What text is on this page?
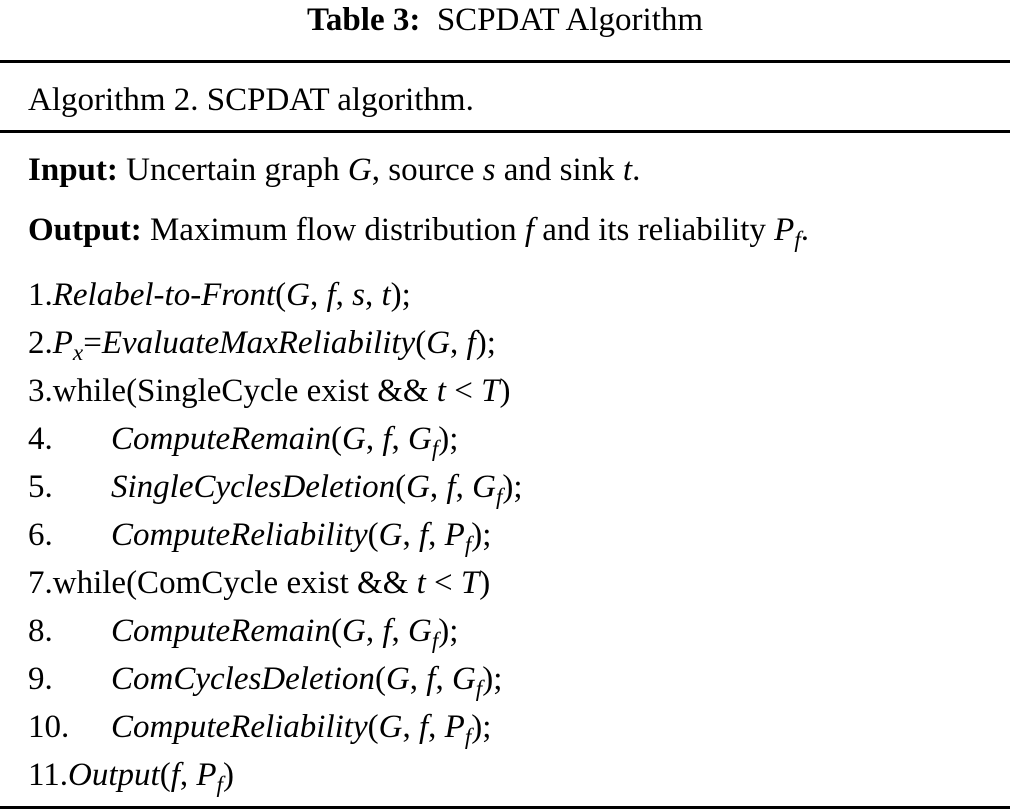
Table 3: SCPDAT Algorithm
Algorithm 2. SCPDAT algorithm.
Input: Uncertain graph G, source s and sink t.
Output: Maximum flow distribution f and its reliability $P_f$.
1.Relabel-to-Front(G, f, s, t);
$2.P_x=EvaluateMaxReliability(G$, f);
3.while(SingleCycle exist && t < T)
4. ComputeRemain(G, f, $G_f$);
5. SingleCyclesDeletion(G, f, $G_f$);
6. ComputeReliability(G, f, $P_f$);
7.while(ComCycle exist && t < T)
8. ComputeRemain(G, f, $G_f$);
9. ComCyclesDeletion(G, f, $G_f$);
10. ComputeReliability(G, f, $P_f$);
11.Output(f, $P_f$)
